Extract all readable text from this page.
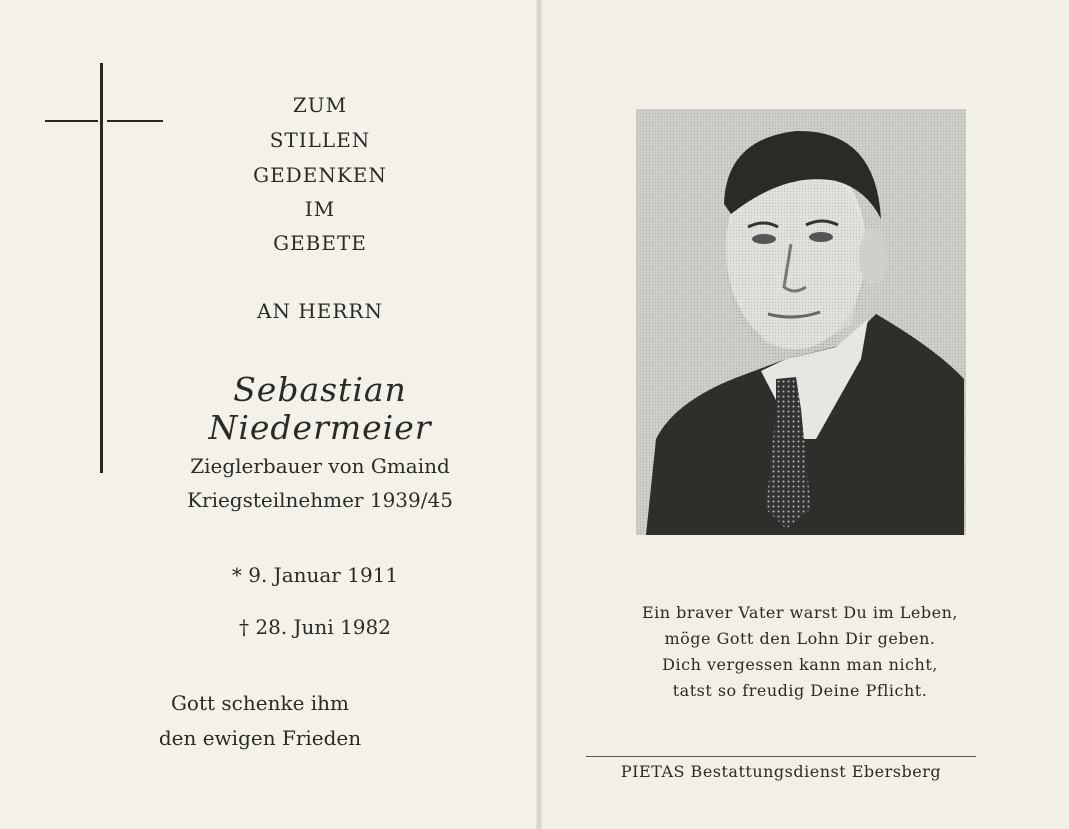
ZUM
STILLEN
GEDENKEN
IM
GEBETE
AN HERRN
Sebastian
Niedermeier
Zieglerbauer von Gmaind
Kriegsteilnehmer 1939/45
* 9. Januar 1911
† 28. Juni 1982
Gott schenke ihm
den ewigen Frieden
Ein braver Vater warst Du im Leben,
möge Gott den Lohn Dir geben.
Dich vergessen kann man nicht,
tatst so freudig Deine Pflicht.
PIETAS Bestattungsdienst Ebersberg
